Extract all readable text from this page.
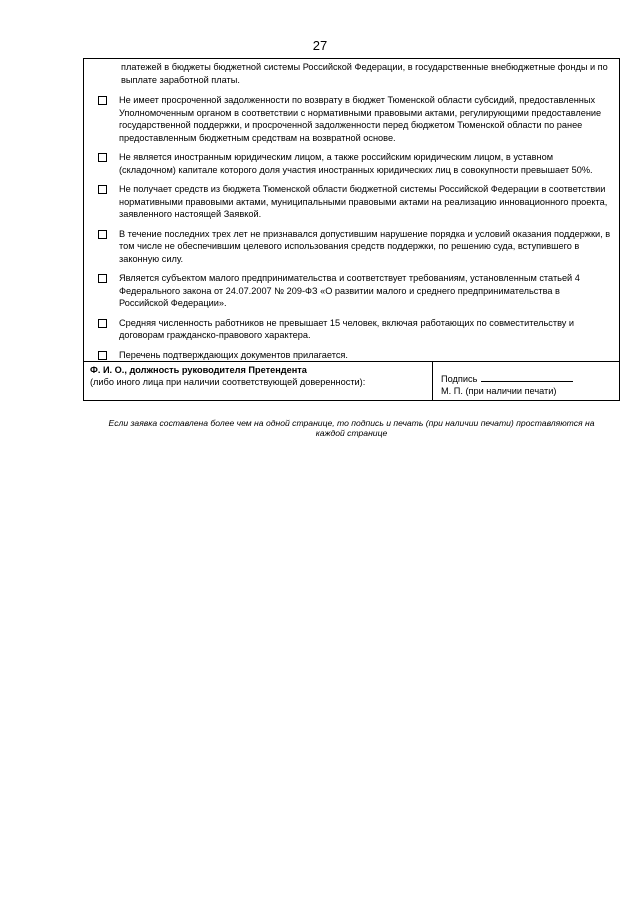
27
платежей в бюджеты бюджетной системы Российской Федерации, в государственные внебюджетные фонды и по выплате заработной платы.
Не имеет просроченной задолженности по возврату в бюджет Тюменской области субсидий, предоставленных Уполномоченным органом в соответствии с нормативными правовыми актами, регулирующими предоставление государственной поддержки, и просроченной задолженности перед бюджетом Тюменской области по ранее предоставленным бюджетным средствам на возвратной основе.
Не является иностранным юридическим лицом, а также российским юридическим лицом, в уставном (складочном) капитале которого доля участия иностранных юридических лиц в совокупности превышает 50%.
Не получает средств из бюджета Тюменской области бюджетной системы Российской Федерации в соответствии нормативными правовыми актами, муниципальными правовыми актами на реализацию инновационного проекта, заявленного настоящей Заявкой.
В течение последних трех лет не признавался допустившим нарушение порядка и условий оказания поддержки, в том числе не обеспечившим целевого использования средств поддержки, по решению суда, вступившего в законную силу.
Является субъектом малого предпринимательства и соответствует требованиям, установленным статьей 4 Федерального закона от 24.07.2007 № 209-ФЗ «О развитии малого и среднего предпринимательства в Российской Федерации».
Средняя численность работников не превышает 15 человек, включая работающих по совместительству и договорам гражданско-правового характера.
Перечень подтверждающих документов прилагается.
Ф. И. О., должность руководителя Претендента
(либо иного лица при наличии соответствующей доверенности):	Подпись
М. П. (при наличии печати)
Если заявка составлена более чем на одной странице, то подпись и печать (при наличии печати) проставляются на каждой странице
